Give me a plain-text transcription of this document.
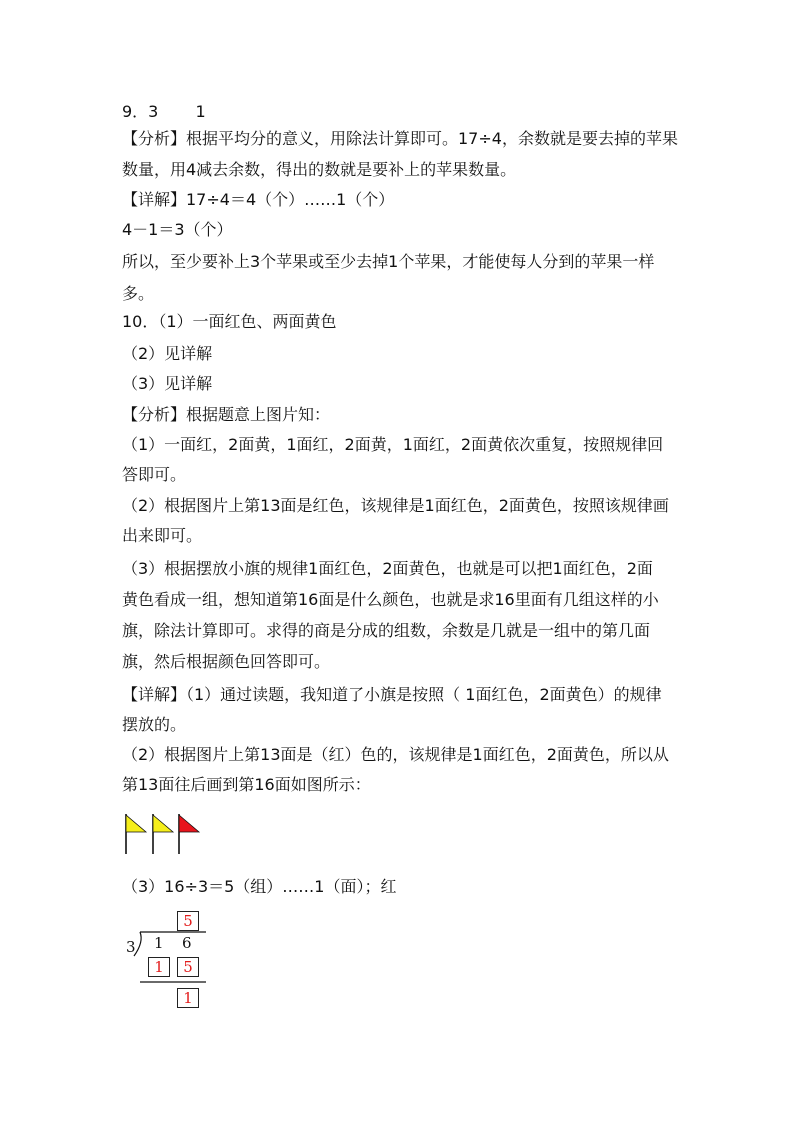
9．3　　 1
【分析】根据平均分的意义，用除法计算即可。17÷4，余数就是要去掉的苹果
数量，用4减去余数，得出的数就是要补上的苹果数量。
【详解】17÷4＝4（个）……1（个）
4－1＝3（个）
所以，至少要补上3个苹果或至少去掉1个苹果，才能使每人分到的苹果一样
多。
10．（1）一面红色、两面黄色
（2）见详解
（3）见详解
【分析】根据题意上图片知：
（1）一面红，2面黄，1面红，2面黄，1面红，2面黄依次重复，按照规律回
答即可。
（2）根据图片上第13面是红色，该规律是1面红色，2面黄色，按照该规律画
出来即可。
（3）根据摆放小旗的规律1面红色，2面黄色，也就是可以把1面红色，2面
黄色看成一组，想知道第16面是什么颜色，也就是求16里面有几组这样的小
旗，除法计算即可。求得的商是分成的组数，余数是几就是一组中的第几面
旗，然后根据颜色回答即可。
【详解】（1）通过读题，我知道了小旗是按照（ 1面红色，2面黄色）的规律
摆放的。
（2）根据图片上第13面是（红）色的，该规律是1面红色，2面黄色，所以从
第13面往后画到第16面如图所示：
（3）16÷3＝5（组）……1（面）；红
5
3 1 6
1	5
1
